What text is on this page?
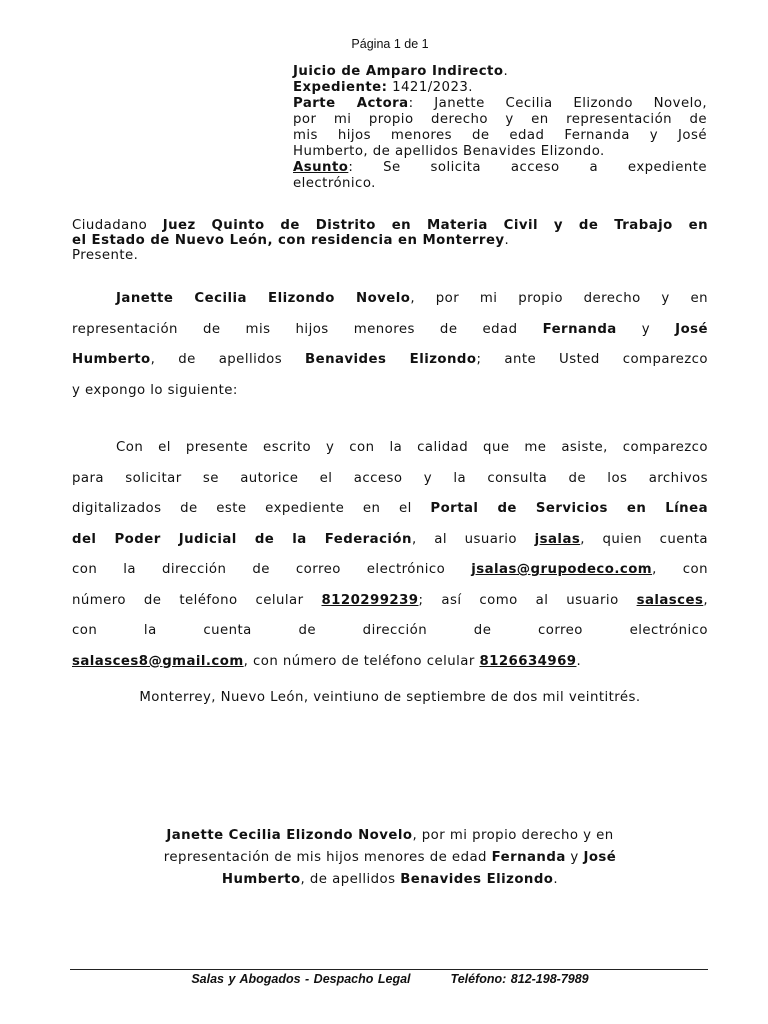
Página 1 de 1
Juicio de Amparo Indirecto.
Expediente: 1421/2023.
Parte Actora: Janette Cecilia Elizondo Novelo,
por mi propio derecho y en representación de
mis hijos menores de edad Fernanda y José
Humberto, de apellidos Benavides Elizondo.
Asunto: Se solicita acceso a expediente
electrónico.
Ciudadano Juez Quinto de Distrito en Materia Civil y de Trabajo en
el Estado de Nuevo León, con residencia en Monterrey.
Presente.
Janette Cecilia Elizondo Novelo, por mi propio derecho y en
representación de mis hijos menores de edad Fernanda y José
Humberto, de apellidos Benavides Elizondo; ante Usted comparezco
y expongo lo siguiente:
Con el presente escrito y con la calidad que me asiste, comparezco
para solicitar se autorice el acceso y la consulta de los archivos
digitalizados de este expediente en el Portal de Servicios en Línea
del Poder Judicial de la Federación, al usuario jsalas, quien cuenta
con la dirección de correo electrónico jsalas@grupodeco.com, con
número de teléfono celular 8120299239; así como al usuario salasces,
con la cuenta de dirección de correo electrónico
salasces8@gmail.com, con número de teléfono celular 8126634969.
Monterrey, Nuevo León, veintiuno de septiembre de dos mil veintitrés.
Janette Cecilia Elizondo Novelo, por mi propio derecho y en
representación de mis hijos menores de edad Fernanda y José
Humberto, de apellidos Benavides Elizondo.
Salas y Abogados - Despacho Legal	Teléfono: 812-198-7989
